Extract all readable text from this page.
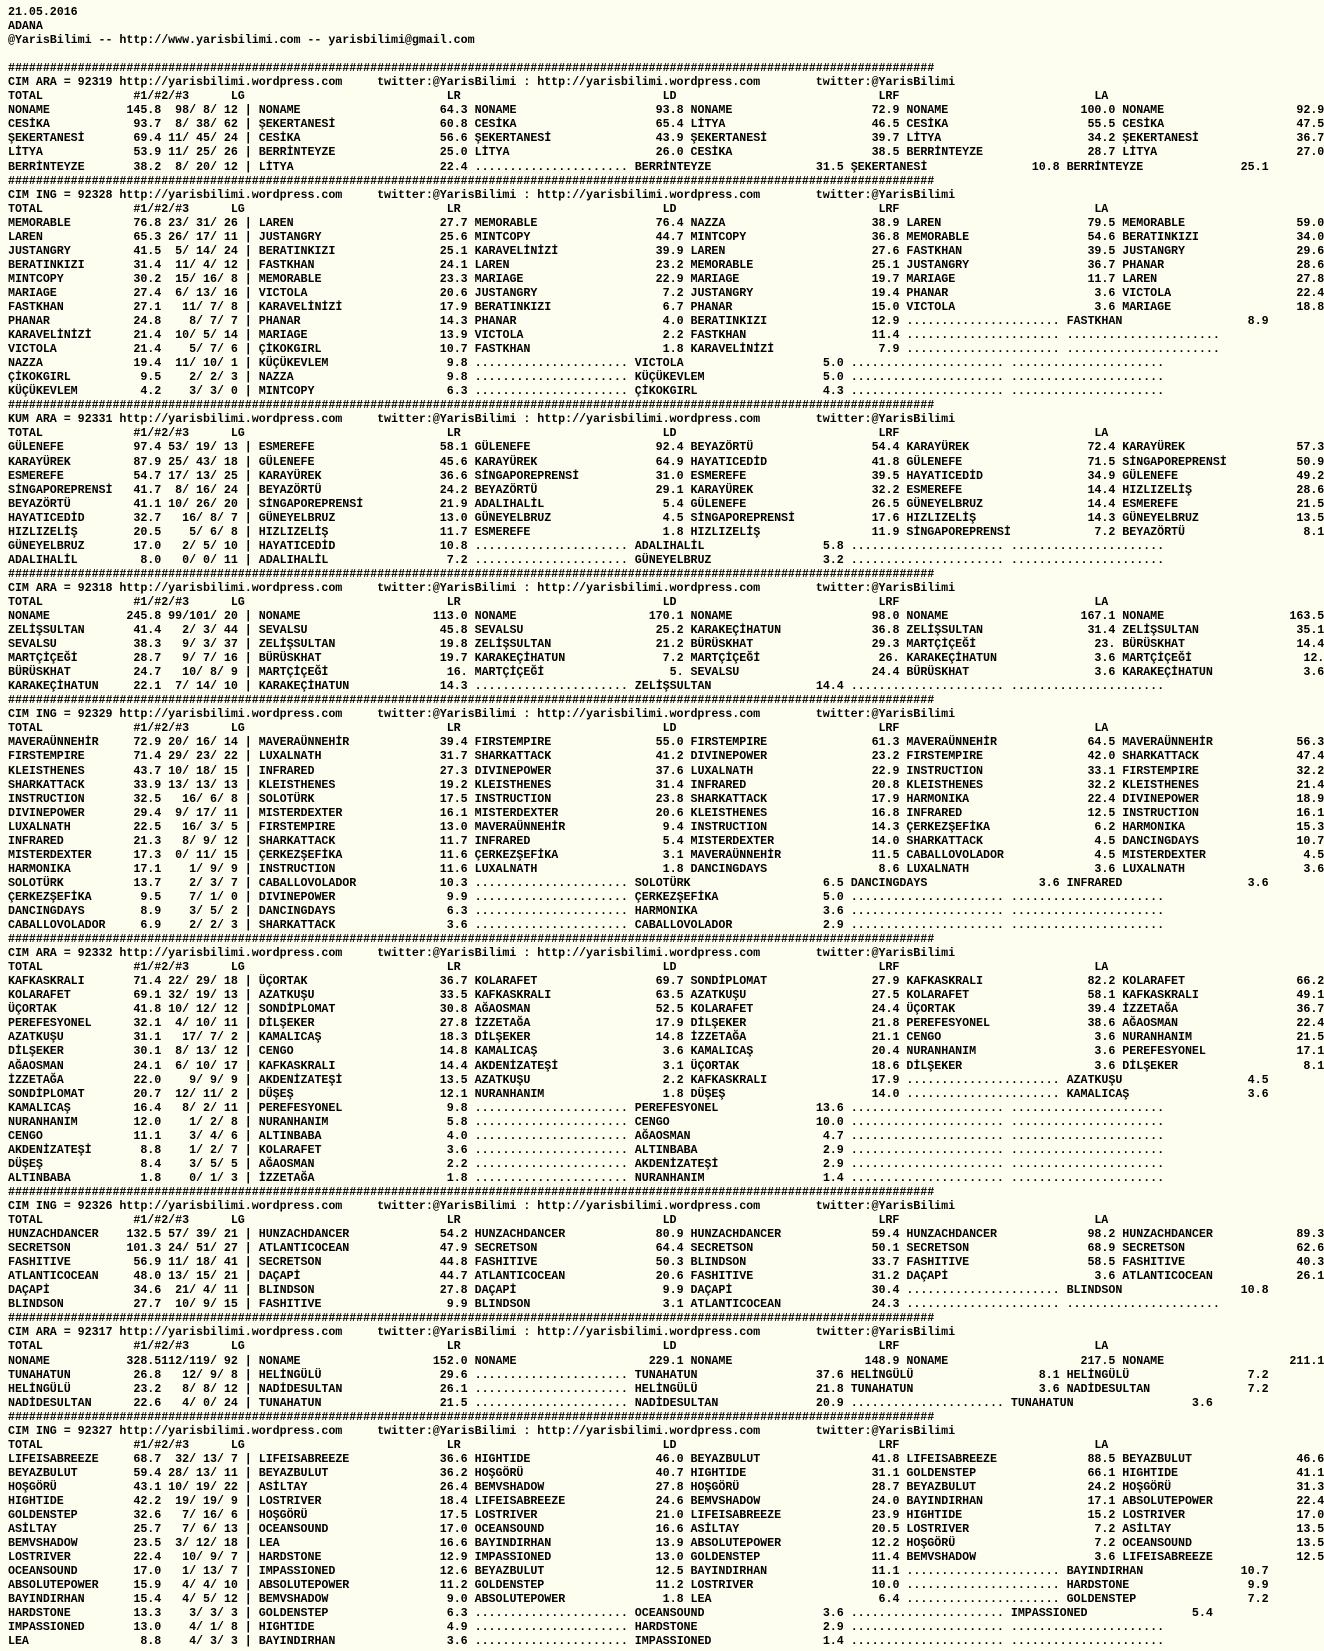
21.05.2016
ADANA
@YarisBilimi -- http://www.yarisbilimi.com -- yarisbilimi@gmail.com

#####################################################################################################################################
CIM ARA = 92319 http://yarisbilimi.wordpress.com     twitter:@YarisBilimi : http://yarisbilimi.wordpress.com        twitter:@YarisBilimi
TOTAL             #1/#2/#3      LG                             LR                             LD                             LRF                            LA
NONAME           145.8  98/ 8/ 12 | NONAME                    64.3 NONAME                    93.8 NONAME                    72.9 NONAME                   100.0 NONAME                   92.9
CESİKA            93.7  8/ 38/ 62 | ŞEKERTANESİ               60.8 CESİKA                    65.4 LİTYA                     46.5 CESİKA                    55.5 CESİKA                   47.5
ŞEKERTANESİ       69.4 11/ 45/ 24 | CESİKA                    56.6 ŞEKERTANESİ               43.9 ŞEKERTANESİ               39.7 LİTYA                     34.2 ŞEKERTANESİ              36.7
LİTYA             53.9 11/ 25/ 26 | BERRİNTEYZE               25.0 LİTYA                     26.0 CESİKA                    38.5 BERRİNTEYZE               28.7 LİTYA                    27.0
BERRİNTEYZE       38.2  8/ 20/ 12 | LİTYA                     22.4 ...................... BERRİNTEYZE               31.5 ŞEKERTANESİ               10.8 BERRİNTEYZE              25.1
#####################################################################################################################################
CIM ING = 92328 http://yarisbilimi.wordpress.com     twitter:@YarisBilimi : http://yarisbilimi.wordpress.com        twitter:@YarisBilimi
TOTAL             #1/#2/#3      LG                             LR                             LD                             LRF                            LA
MEMORABLE         76.8 23/ 31/ 26 | LAREN                     27.7 MEMORABLE                 76.4 NAZZA                     38.9 LAREN                     79.5 MEMORABLE                59.0
LAREN             65.3 26/ 17/ 11 | JUSTANGRY                 25.6 MINTCOPY                  44.7 MINTCOPY                  36.8 MEMORABLE                 54.6 BERATINKIZI              34.0
JUSTANGRY         41.5  5/ 14/ 24 | BERATINKIZI               25.1 KARAVELİNİZİ              39.9 LAREN                     27.6 FASTKHAN                  39.5 JUSTANGRY                29.6
BERATINKIZI       31.4  11/ 4/ 12 | FASTKHAN                  24.1 LAREN                     23.2 MEMORABLE                 25.1 JUSTANGRY                 36.7 PHANAR                   28.6
MINTCOPY          30.2  15/ 16/ 8 | MEMORABLE                 23.3 MARIAGE                   22.9 MARIAGE                   19.7 MARIAGE                   11.7 LAREN                    27.8
MARIAGE           27.4  6/ 13/ 16 | VICTOLA                   20.6 JUSTANGRY                  7.2 JUSTANGRY                 19.4 PHANAR                     3.6 VICTOLA                  22.4
FASTKHAN          27.1   11/ 7/ 8 | KARAVELİNİZİ              17.9 BERATINKIZI                6.7 PHANAR                    15.0 VICTOLA                    3.6 MARIAGE                  18.8
PHANAR            24.8    8/ 7/ 7 | PHANAR                    14.3 PHANAR                     4.0 BERATINKIZI               12.9 ...................... FASTKHAN                  8.9
KARAVELİNİZİ      21.4  10/ 5/ 14 | MARIAGE                   13.9 VICTOLA                    2.2 FASTKHAN                  11.4 ...................... ......................
VICTOLA           21.4    5/ 7/ 6 | ÇİKOKGIRL                 10.7 FASTKHAN                   1.8 KARAVELİNİZİ               7.9 ...................... ......................
NAZZA             19.4  11/ 10/ 1 | KÜÇÜKEVLEM                 9.8 ...................... VICTOLA                    5.0 ...................... ......................
ÇİKOKGIRL          9.5    2/ 2/ 3 | NAZZA                      9.8 ...................... KÜÇÜKEVLEM                 5.0 ...................... ......................
KÜÇÜKEVLEM         4.2    3/ 3/ 0 | MINTCOPY                   6.3 ...................... ÇİKOKGIRL                  4.3 ...................... ......................
#####################################################################################################################################
KUM ARA = 92331 http://yarisbilimi.wordpress.com     twitter:@YarisBilimi : http://yarisbilimi.wordpress.com        twitter:@YarisBilimi
TOTAL             #1/#2/#3      LG                             LR                             LD                             LRF                            LA
GÜLENEFE          97.4 53/ 19/ 13 | ESMEREFE                  58.1 GÜLENEFE                  92.4 BEYAZÖRTÜ                 54.4 KARAYÜREK                 72.4 KARAYÜREK                57.3
KARAYÜREK         87.9 25/ 43/ 18 | GÜLENEFE                  45.6 KARAYÜREK                 64.9 HAYATICEDİD               41.8 GÜLENEFE                  71.5 SİNGAPOREPRENSİ          50.9
ESMEREFE          54.7 17/ 13/ 25 | KARAYÜREK                 36.6 SİNGAPOREPRENSİ           31.0 ESMEREFE                  39.5 HAYATICEDİD               34.9 GÜLENEFE                 49.2
SİNGAPOREPRENSİ   41.7  8/ 16/ 24 | BEYAZÖRTÜ                 24.2 BEYAZÖRTÜ                 29.1 KARAYÜREK                 32.2 ESMEREFE                  14.4 HIZLIZELİŞ               28.6
BEYAZÖRTÜ         41.1 10/ 26/ 20 | SİNGAPOREPRENSİ           21.9 ADALIHALİL                 5.4 GÜLENEFE                  26.5 GÜNEYELBRUZ               14.4 ESMEREFE                 21.5
HAYATICEDİD       32.7   16/ 8/ 7 | GÜNEYELBRUZ               13.0 GÜNEYELBRUZ                4.5 SİNGAPOREPRENSİ           17.6 HIZLIZELİŞ                14.3 GÜNEYELBRUZ              13.5
HIZLIZELİŞ        20.5    5/ 6/ 8 | HIZLIZELİŞ                11.7 ESMEREFE                   1.8 HIZLIZELİŞ                11.9 SİNGAPOREPRENSİ            7.2 BEYAZÖRTÜ                 8.1
GÜNEYELBRUZ       17.0   2/ 5/ 10 | HAYATICEDİD               10.8 ...................... ADALIHALİL                 5.8 ...................... ......................
ADALIHALİL         8.0   0/ 0/ 11 | ADALIHALİL                 7.2 ...................... GÜNEYELBRUZ                3.2 ...................... ......................
#####################################################################################################################################
CIM ARA = 92318 http://yarisbilimi.wordpress.com     twitter:@YarisBilimi : http://yarisbilimi.wordpress.com        twitter:@YarisBilimi
TOTAL             #1/#2/#3      LG                             LR                             LD                             LRF                            LA
NONAME           245.8 99/101/ 20 | NONAME                   113.0 NONAME                   170.1 NONAME                    98.0 NONAME                   167.1 NONAME                  163.5
ZELİŞSULTAN       41.4   2/ 3/ 44 | SEVALSU                   45.8 SEVALSU                   25.2 KARAKEÇİHATUN             36.8 ZELİŞSULTAN               31.4 ZELİŞSULTAN              35.1
SEVALSU           38.3   9/ 3/ 37 | ZELİŞSULTAN               19.8 ZELİŞSULTAN               21.2 BÜRÜSKHAT                 29.3 MARTÇİÇEĞİ                 23. BÜRÜSKHAT                14.4
MARTÇİÇEĞİ        28.7   9/ 7/ 16 | BÜRÜSKHAT                 19.7 KARAKEÇİHATUN              7.2 MARTÇİÇEĞİ                 26. KARAKEÇİHATUN              3.6 MARTÇİÇEĞİ                12.
BÜRÜSKHAT         24.7   10/ 8/ 9 | MARTÇİÇEĞİ                 16. MARTÇİÇEĞİ                  5. SEVALSU                   24.4 BÜRÜSKHAT                  3.6 KARAKEÇİHATUN             3.6
KARAKEÇİHATUN     22.1  7/ 14/ 10 | KARAKEÇİHATUN             14.3 ...................... ZELİŞSULTAN               14.4 ...................... ......................
#####################################################################################################################################
CIM ING = 92329 http://yarisbilimi.wordpress.com     twitter:@YarisBilimi : http://yarisbilimi.wordpress.com        twitter:@YarisBilimi
TOTAL             #1/#2/#3      LG                             LR                             LD                             LRF                            LA
MAVERAÜNNEHİR     72.9 20/ 16/ 14 | MAVERAÜNNEHİR             39.4 FIRSTEMPIRE               55.0 FIRSTEMPIRE               61.3 MAVERAÜNNEHİR             64.5 MAVERAÜNNEHİR            56.3
FIRSTEMPIRE       71.4 29/ 23/ 22 | LUXALNATH                 31.7 SHARKATTACK               41.2 DIVINEPOWER               23.2 FIRSTEMPIRE               42.0 SHARKATTACK              47.4
KLEISTHENES       43.7 10/ 18/ 15 | INFRARED                  27.3 DIVINEPOWER               37.6 LUXALNATH                 22.9 INSTRUCTION               33.1 FIRSTEMPIRE              32.2
SHARKATTACK       33.9 13/ 13/ 13 | KLEISTHENES               19.2 KLEISTHENES               31.4 INFRARED                  20.8 KLEISTHENES               32.2 KLEISTHENES              21.4
INSTRUCTION       32.5   16/ 6/ 8 | SOLOTÜRK                  17.5 INSTRUCTION               23.8 SHARKATTACK               17.9 HARMONIKA                 22.4 DIVINEPOWER              18.9
DIVINEPOWER       29.4  9/ 17/ 11 | MISTERDEXTER              16.1 MISTERDEXTER              20.6 KLEISTHENES               16.8 INFRARED                  12.5 INSTRUCTION              16.1
LUXALNATH         22.5   16/ 3/ 5 | FIRSTEMPIRE               13.0 MAVERAÜNNEHİR              9.4 INSTRUCTION               14.3 ÇERKEZŞEFİKA               6.2 HARMONIKA                15.3
INFRARED          21.3   8/ 9/ 12 | SHARKATTACK               11.7 INFRARED                   5.4 MISTERDEXTER              14.0 SHARKATTACK                4.5 DANCINGDAYS              10.7
MISTERDEXTER      17.3  0/ 11/ 15 | ÇERKEZŞEFİKA              11.6 ÇERKEZŞEFİKA               3.1 MAVERAÜNNEHİR             11.5 CABALLOVOLADOR             4.5 MISTERDEXTER              4.5
HARMONIKA         17.1    1/ 9/ 9 | INSTRUCTION               11.6 LUXALNATH                  1.8 DANCINGDAYS                8.6 LUXALNATH                  3.6 LUXALNATH                 3.6
SOLOTÜRK          13.7    2/ 3/ 7 | CABALLOVOLADOR            10.3 ...................... SOLOTÜRK                   6.5 DANCINGDAYS                3.6 INFRARED                  3.6
ÇERKEZŞEFİKA       9.5    7/ 1/ 0 | DIVINEPOWER                9.9 ...................... ÇERKEZŞEFİKA               5.0 ...................... ......................
DANCINGDAYS        8.9    3/ 5/ 2 | DANCINGDAYS                6.3 ...................... HARMONIKA                  3.6 ...................... ......................
CABALLOVOLADOR     6.9    2/ 2/ 3 | SHARKATTACK                3.6 ...................... CABALLOVOLADOR             2.9 ...................... ......................
#####################################################################################################################################
CIM ARA = 92332 http://yarisbilimi.wordpress.com     twitter:@YarisBilimi : http://yarisbilimi.wordpress.com        twitter:@YarisBilimi
TOTAL             #1/#2/#3      LG                             LR                             LD                             LRF                            LA
KAFKASKRALI       71.4 22/ 29/ 18 | ÜÇORTAK                   36.7 KOLARAFET                 69.7 SONDİPLOMAT               27.9 KAFKASKRALI               82.2 KOLARAFET                66.2
KOLARAFET         69.1 32/ 19/ 13 | AZATKUŞU                  33.5 KAFKASKRALI               63.5 AZATKUŞU                  27.5 KOLARAFET                 58.1 KAFKASKRALI              49.1
ÜÇORTAK           41.8 10/ 12/ 12 | SONDİPLOMAT               30.8 AĞAOSMAN                  52.5 KOLARAFET                 24.4 ÜÇORTAK                   39.4 İZZETAĞA                 36.7
PEREFESYONEL      32.1  4/ 10/ 11 | DİLŞEKER                  27.8 İZZETAĞA                  17.9 DİLŞEKER                  21.8 PEREFESYONEL              38.6 AĞAOSMAN                 22.4
AZATKUŞU          31.1   17/ 7/ 2 | KAMALICAŞ                 18.3 DİLŞEKER                  14.8 İZZETAĞA                  21.1 CENGO                      3.6 NURANHANIM               21.5
DİLŞEKER          30.1  8/ 13/ 12 | CENGO                     14.8 KAMALICAŞ                  3.6 KAMALICAŞ                 20.4 NURANHANIM                 3.6 PEREFESYONEL             17.1
AĞAOSMAN          24.1  6/ 10/ 17 | KAFKASKRALI               14.4 AKDENİZATEŞİ               3.1 ÜÇORTAK                   18.6 DİLŞEKER                   3.6 DİLŞEKER                  8.1
İZZETAĞA          22.0    9/ 9/ 9 | AKDENİZATEŞİ              13.5 AZATKUŞU                   2.2 KAFKASKRALI               17.9 ...................... AZATKUŞU                  4.5
SONDİPLOMAT       20.7  12/ 11/ 2 | DÜŞEŞ                     12.1 NURANHANIM                 1.8 DÜŞEŞ                     14.0 ...................... KAMALICAŞ                 3.6
KAMALICAŞ         16.4   8/ 2/ 11 | PEREFESYONEL               9.8 ...................... PEREFESYONEL              13.6 ...................... ......................
NURANHANIM        12.0    1/ 2/ 8 | NURANHANIM                 5.8 ...................... CENGO                     10.0 ...................... ......................
CENGO             11.1    3/ 4/ 6 | ALTINBABA                  4.0 ...................... AĞAOSMAN                   4.7 ...................... ......................
AKDENİZATEŞİ       8.8    1/ 2/ 7 | KOLARAFET                  3.6 ...................... ALTINBABA                  2.9 ...................... ......................
DÜŞEŞ              8.4    3/ 5/ 5 | AĞAOSMAN                   2.2 ...................... AKDENİZATEŞİ               2.9 ...................... ......................
ALTINBABA          1.8    0/ 1/ 3 | İZZETAĞA                   1.8 ...................... NURANHANIM                 1.4 ...................... ......................
#####################################################################################################################################
CIM ING = 92326 http://yarisbilimi.wordpress.com     twitter:@YarisBilimi : http://yarisbilimi.wordpress.com        twitter:@YarisBilimi
TOTAL             #1/#2/#3      LG                             LR                             LD                             LRF                            LA
HUNZACHDANCER    132.5 57/ 39/ 21 | HUNZACHDANCER             54.2 HUNZACHDANCER             80.9 HUNZACHDANCER             59.4 HUNZACHDANCER             98.2 HUNZACHDANCER            89.3
SECRETSON        101.3 24/ 51/ 27 | ATLANTICOCEAN             47.9 SECRETSON                 64.4 SECRETSON                 50.1 SECRETSON                 68.9 SECRETSON                62.6
FASHITIVE         56.9 11/ 18/ 41 | SECRETSON                 44.8 FASHITIVE                 50.3 BLINDSON                  33.7 FASHITIVE                 58.5 FASHITIVE                40.3
ATLANTICOCEAN     48.0 13/ 15/ 21 | DAÇAPİ                    44.7 ATLANTICOCEAN             20.6 FASHITIVE                 31.2 DAÇAPİ                     3.6 ATLANTICOCEAN            26.1
DAÇAPİ            34.6  21/ 4/ 11 | BLINDSON                  27.8 DAÇAPİ                     9.9 DAÇAPİ                    30.4 ...................... BLINDSON                 10.8
BLINDSON          27.7  10/ 9/ 15 | FASHITIVE                  9.9 BLINDSON                   3.1 ATLANTICOCEAN             24.3 ...................... ......................
#####################################################################################################################################
CIM ARA = 92317 http://yarisbilimi.wordpress.com     twitter:@YarisBilimi : http://yarisbilimi.wordpress.com        twitter:@YarisBilimi
TOTAL             #1/#2/#3      LG                             LR                             LD                             LRF                            LA
NONAME           328.5112/119/ 92 | NONAME                   152.0 NONAME                   229.1 NONAME                   148.9 NONAME                   217.5 NONAME                  211.1
TUNAHATUN         26.8   12/ 9/ 8 | HELİNGÜLÜ                 29.6 ...................... TUNAHATUN                 37.6 HELİNGÜLÜ                  8.1 HELİNGÜLÜ                 7.2
HELİNGÜLÜ         23.2   8/ 8/ 12 | NADİDESULTAN              26.1 ...................... HELİNGÜLÜ                 21.8 TUNAHATUN                  3.6 NADİDESULTAN              7.2
NADİDESULTAN      22.6   4/ 0/ 24 | TUNAHATUN                 21.5 ...................... NADİDESULTAN              20.9 ...................... TUNAHATUN                 3.6
#####################################################################################################################################
CIM ING = 92327 http://yarisbilimi.wordpress.com     twitter:@YarisBilimi : http://yarisbilimi.wordpress.com        twitter:@YarisBilimi
TOTAL             #1/#2/#3      LG                             LR                             LD                             LRF                            LA
LIFEISABREEZE     68.7  32/ 13/ 7 | LIFEISABREEZE             36.6 HIGHTIDE                  46.0 BEYAZBULUT                41.8 LIFEISABREEZE             88.5 BEYAZBULUT               46.6
BEYAZBULUT        59.4 28/ 13/ 11 | BEYAZBULUT                36.2 HOŞGÖRÜ                   40.7 HIGHTIDE                  31.1 GOLDENSTEP                66.1 HIGHTIDE                 41.1
HOŞGÖRÜ           43.1 10/ 19/ 22 | ASİLTAY                   26.4 BEMVSHADOW                27.8 HOŞGÖRÜ                   28.7 BEYAZBULUT                24.2 HOŞGÖRÜ                  31.3
HIGHTIDE          42.2  19/ 19/ 9 | LOSTRIVER                 18.4 LIFEISABREEZE             24.6 BEMVSHADOW                24.0 BAYINDIRHAN               17.1 ABSOLUTEPOWER            22.4
GOLDENSTEP        32.6   7/ 16/ 6 | HOŞGÖRÜ                   17.5 LOSTRIVER                 21.0 LIFEISABREEZE             23.9 HIGHTIDE                  15.2 LOSTRIVER                17.0
ASİLTAY           25.7   7/ 6/ 13 | OCEANSOUND                17.0 OCEANSOUND                16.6 ASİLTAY                   20.5 LOSTRIVER                  7.2 ASİLTAY                  13.5
BEMVSHADOW        23.5  3/ 12/ 18 | LEA                       16.6 BAYINDIRHAN               13.9 ABSOLUTEPOWER             12.2 HOŞGÖRÜ                    7.2 OCEANSOUND               13.5
LOSTRIVER         22.4   10/ 9/ 7 | HARDSTONE                 12.9 IMPASSIONED               13.0 GOLDENSTEP                11.4 BEMVSHADOW                 3.6 LIFEISABREEZE            12.5
OCEANSOUND        17.0   1/ 13/ 7 | IMPASSIONED               12.6 BEYAZBULUT                12.5 BAYINDIRHAN               11.1 ...................... BAYINDIRHAN              10.7
ABSOLUTEPOWER     15.9   4/ 4/ 10 | ABSOLUTEPOWER             11.2 GOLDENSTEP                11.2 LOSTRIVER                 10.0 ...................... HARDSTONE                 9.9
BAYINDIRHAN       15.4   4/ 5/ 12 | BEMVSHADOW                 9.0 ABSOLUTEPOWER              1.8 LEA                        6.4 ...................... GOLDENSTEP                7.2
HARDSTONE         13.3    3/ 3/ 3 | GOLDENSTEP                 6.3 ...................... OCEANSOUND                 3.6 ...................... IMPASSIONED               5.4
IMPASSIONED       13.0    4/ 1/ 8 | HIGHTIDE                   4.9 ...................... HARDSTONE                  2.9 ...................... ......................
LEA                8.8    4/ 3/ 3 | BAYINDIRHAN                3.6 ...................... IMPASSIONED                1.4 ...................... ......................
